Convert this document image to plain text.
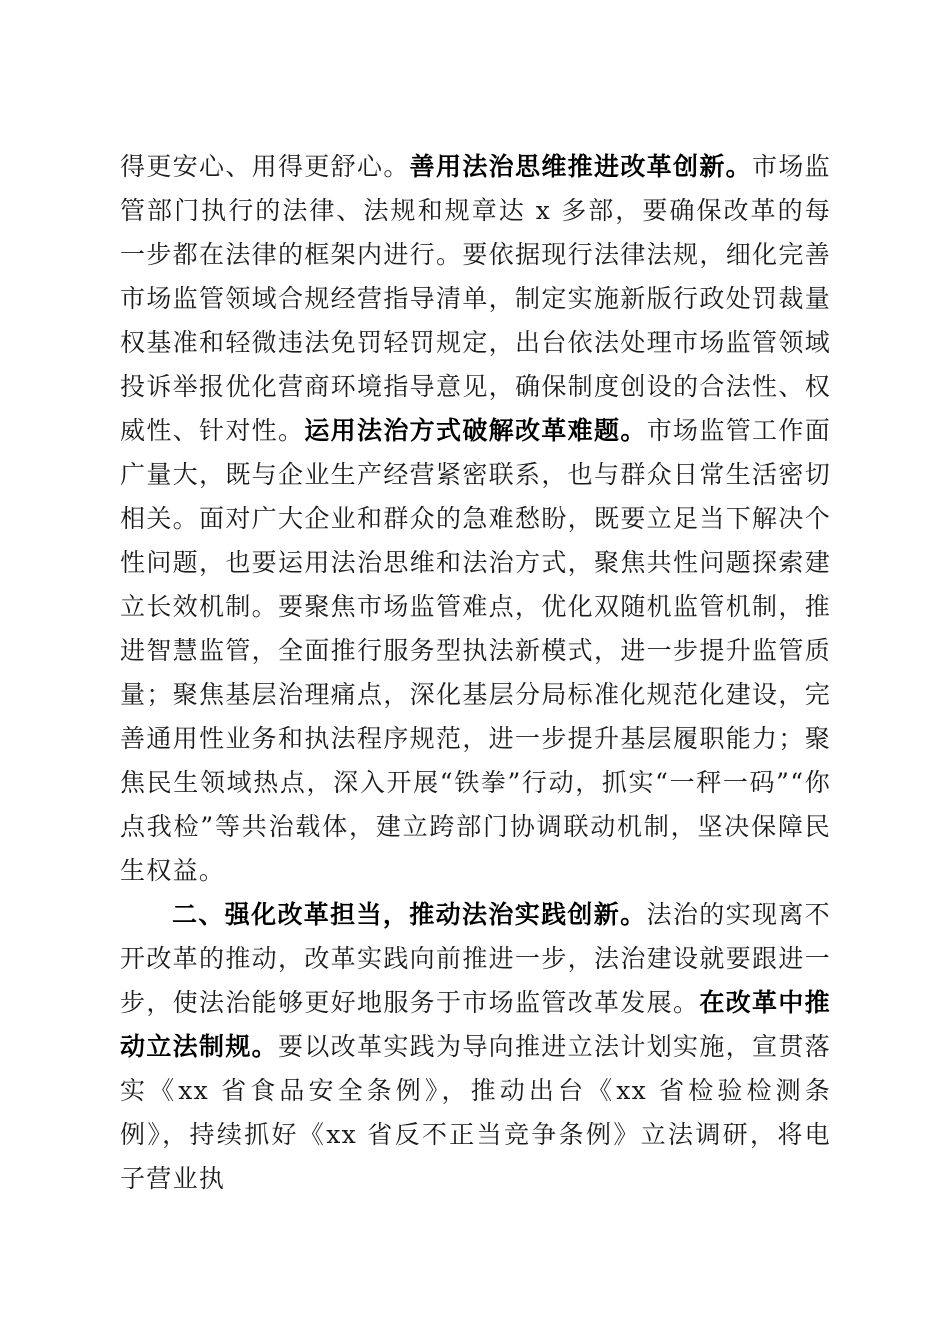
得更安心、用得更舒心。善用法治思维推进改革创新。市场监管部门执行的法律、法规和规章达 x 多部，要确保改革的每一步都在法律的框架内进行。要依据现行法律法规，细化完善市场监管领域合规经营指导清单，制定实施新版行政处罚裁量权基准和轻微违法免罚轻罚规定，出台依法处理市场监管领域投诉举报优化营商环境指导意见，确保制度创设的合法性、权威性、针对性。运用法治方式破解改革难题。市场监管工作面广量大，既与企业生产经营紧密联系，也与群众日常生活密切相关。面对广大企业和群众的急难愁盼，既要立足当下解决个性问题，也要运用法治思维和法治方式，聚焦共性问题探索建立长效机制。要聚焦市场监管难点，优化双随机监管机制，推进智慧监管，全面推行服务型执法新模式，进一步提升监管质量；聚焦基层治理痛点，深化基层分局标准化规范化建设，完善通用性业务和执法程序规范，进一步提升基层履职能力；聚焦民生领域热点，深入开展“铁拳”行动，抓实“一秤一码”“你点我检”等共治载体，建立跨部门协调联动机制，坚决保障民生权益。

二、强化改革担当，推动法治实践创新。法治的实现离不开改革的推动，改革实践向前推进一步，法治建设就要跟进一步，使法治能够更好地服务于市场监管改革发展。在改革中推动立法制规。要以改革实践为导向推进立法计划实施，宣贯落实《xx 省食品安全条例》，推动出台《xx 省检验检测条例》，持续抓好《xx 省反不正当竞争条例》立法调研，将电子营业执
